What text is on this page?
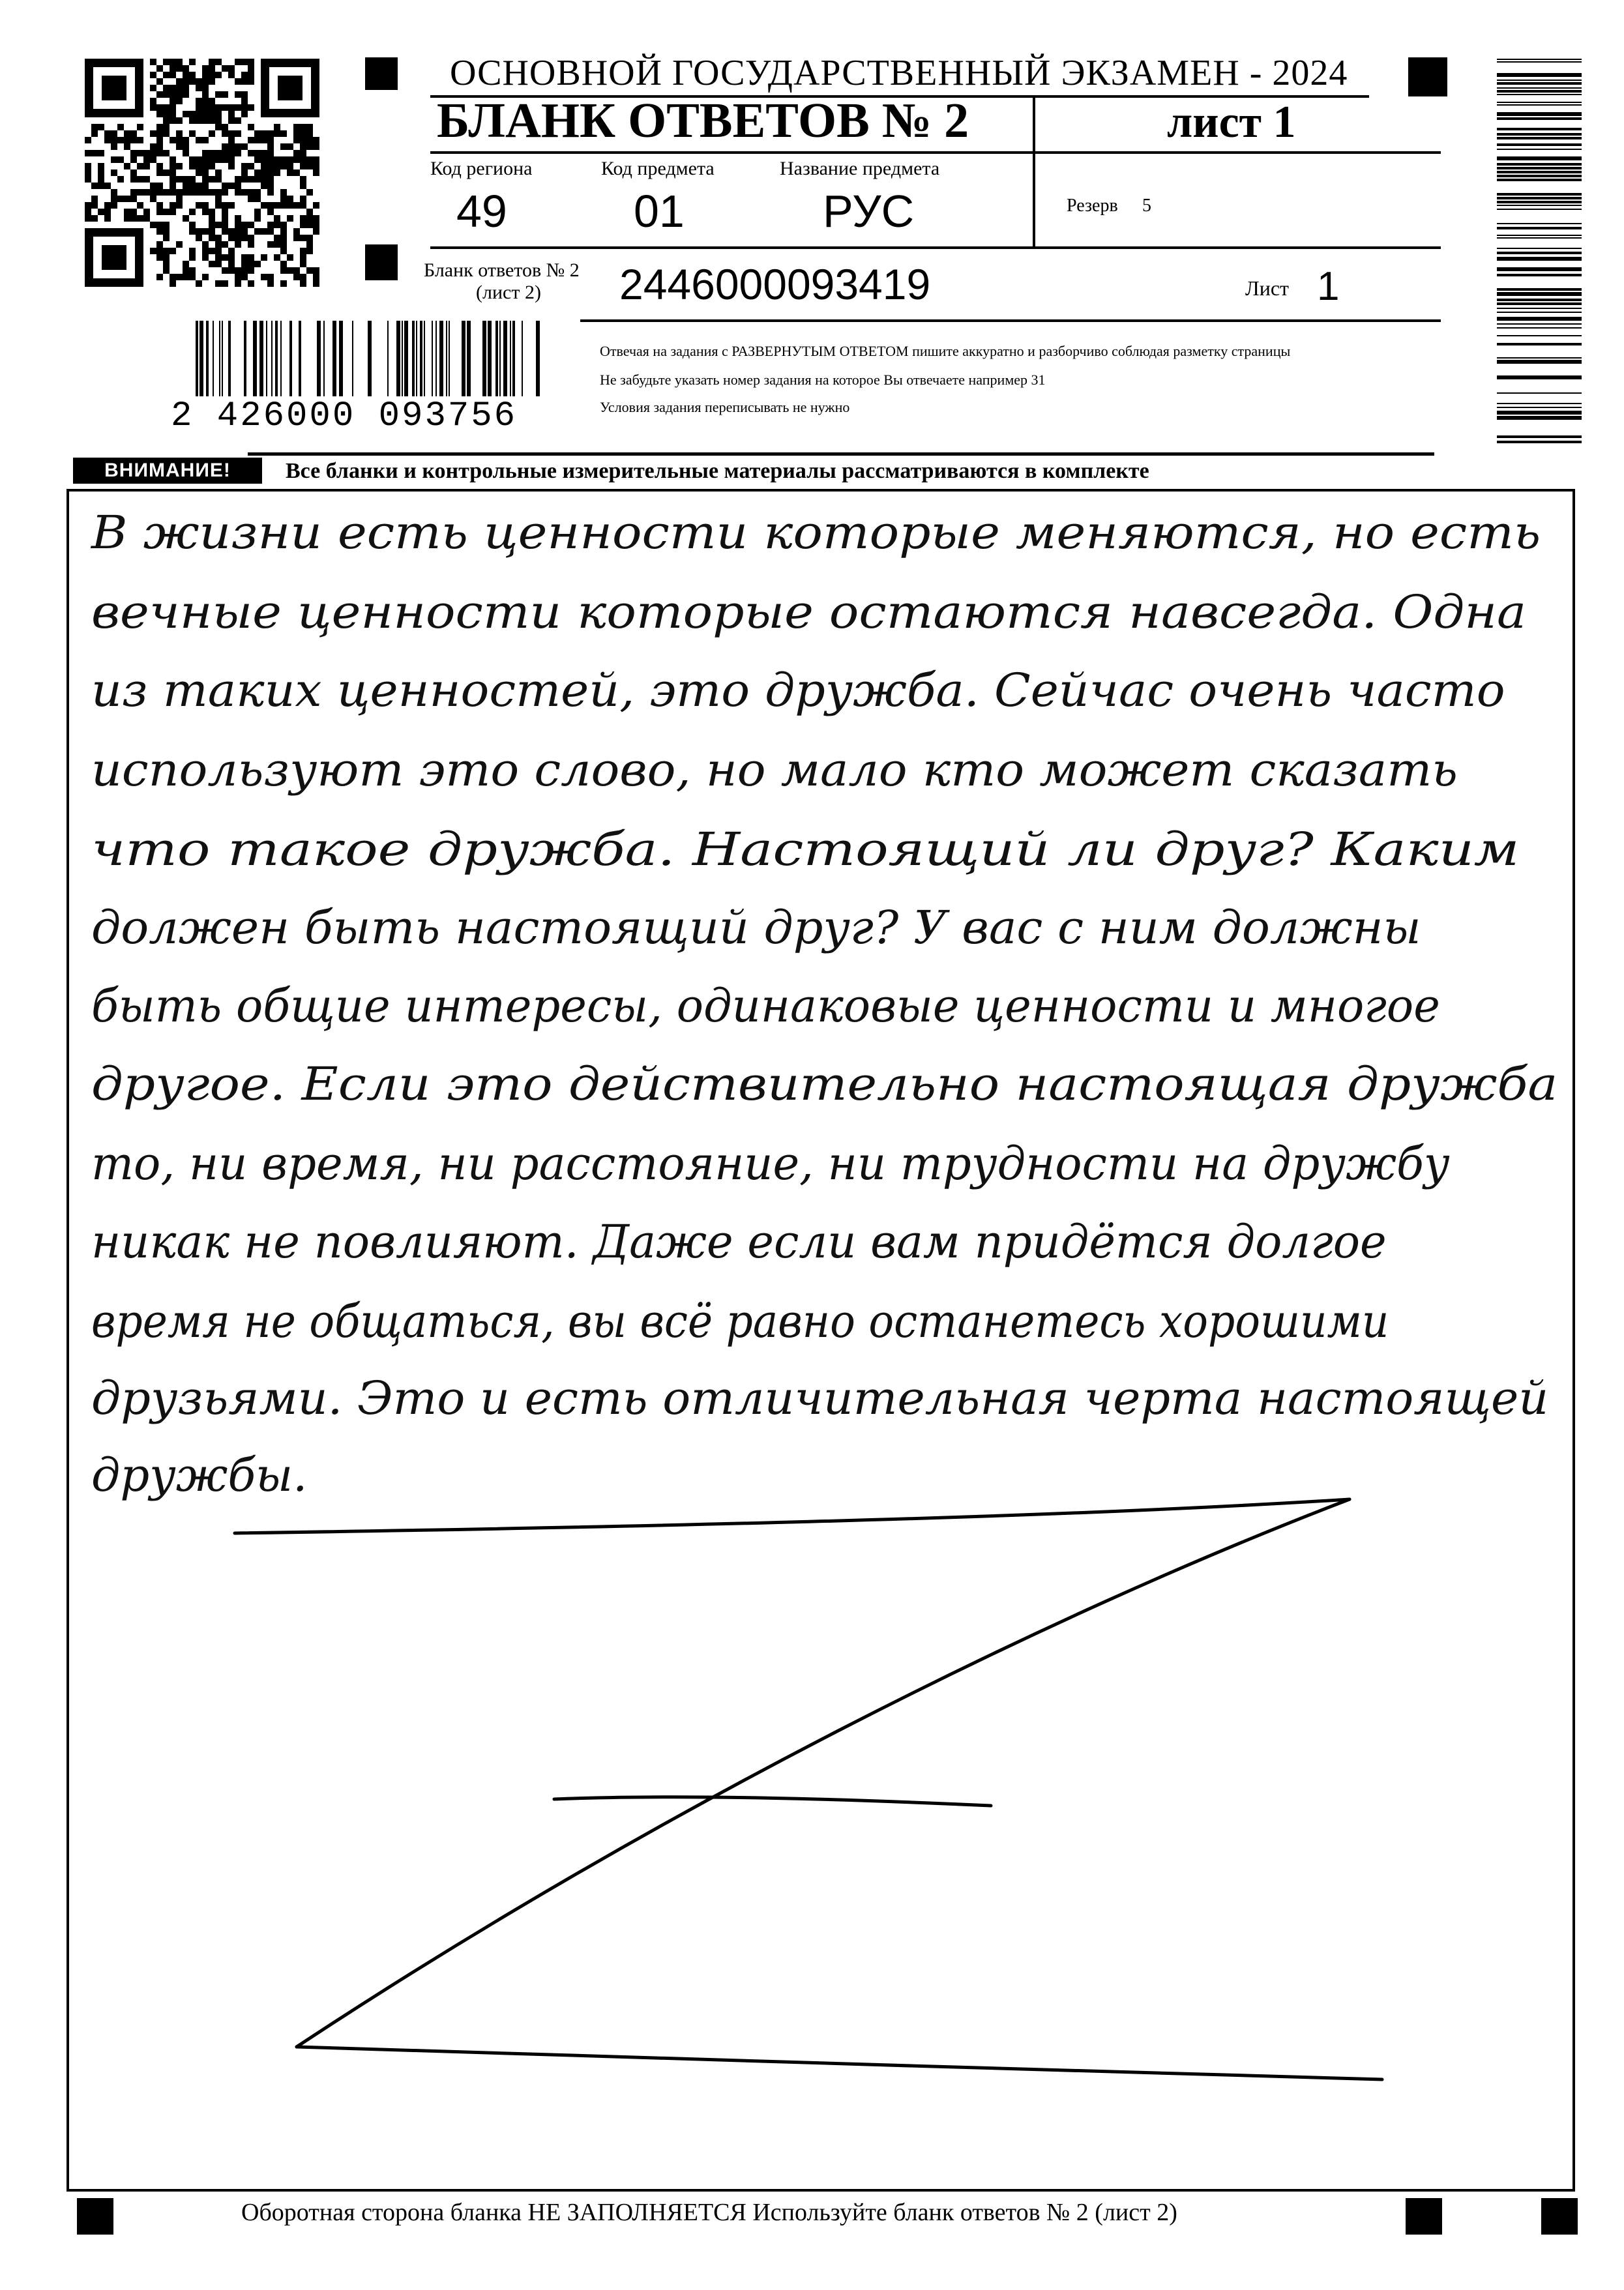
2 426000 093756
ОСНОВНОЙ ГОСУДАРСТВЕННЫЙ ЭКЗАМЕН - 2024
БЛАНК ОТВЕТОВ № 2	лист 1
Код региона
49
Код предмета
01
Название предмета
РУС	Резерв 5
Бланк ответов № 2
(лист 2) 2446000093419	Лист 1
Отвечая на задания с РАЗВЕРНУТЫМ ОТВЕТОМ пишите аккуратно и разборчиво соблюдая разметку страницы
Не забудьте указать номер задания на которое Вы отвечаете например 31
Условия задания переписывать не нужно
ВНИМАНИЕ!	Все бланки и контрольные измерительные материалы рассматриваются в комплекте
В жизни есть ценности которые меняются, но есть
вечные ценности которые остаются навсегда. Одна
из таких ценностей, это дружба. Сейчас очень часто
используют это слово, но мало кто может сказать
что такое дружба. Настоящий ли друг? Каким
должен быть настоящий друг? У вас с ним должны
быть общие интересы, одинаковые ценности и многое
другое. Если это действительно настоящая дружба
то, ни время, ни расстояние, ни трудности на дружбу
никак не повлияют. Даже если вам придётся долгое
время не общаться, вы всё равно останетесь хорошими
друзьями. Это и есть отличительная черта настоящей
дружбы.
Оборотная сторона бланка НЕ ЗАПОЛНЯЕТСЯ Используйте бланк ответов № 2 (лист 2)
